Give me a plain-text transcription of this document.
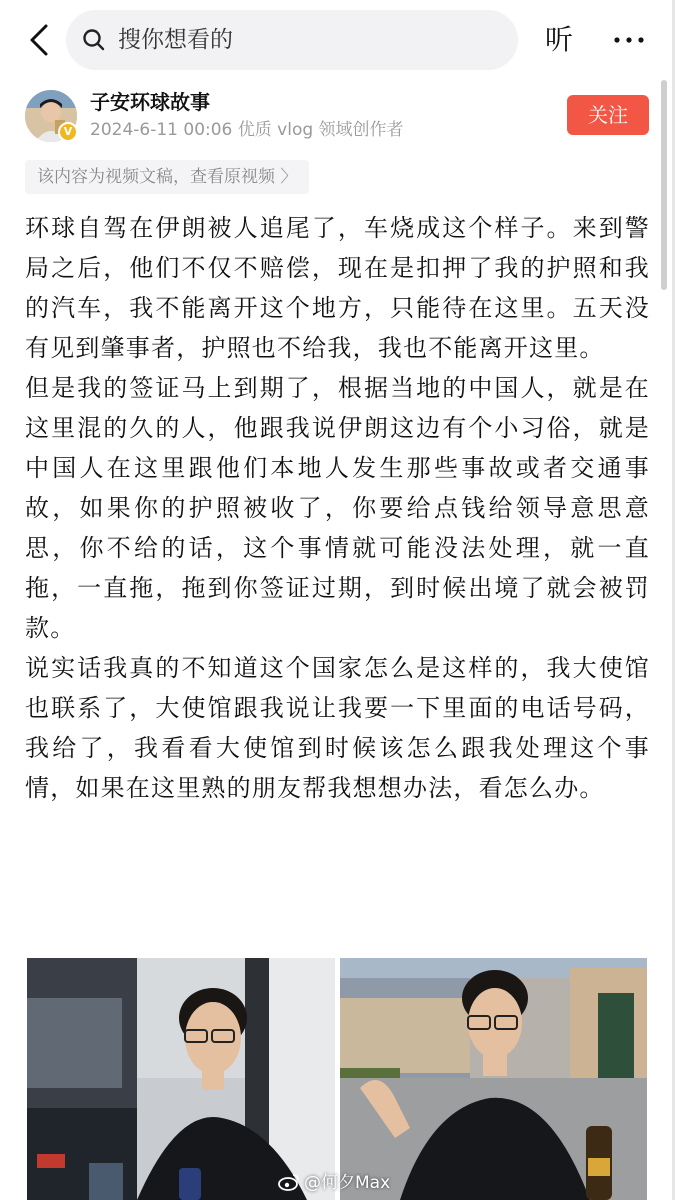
搜你想看的	听
V
子安环球故事
2024-6-11 00:06 优质 vlog 领域创作者
关注
该内容为视频文稿，查看原视频 〉

环球自驾在伊朗被人追尾了，车烧成这个样子。来到警局之后，他们不仅不赔偿，现在是扣押了我的护照和我的汽车，我不能离开这个地方，只能待在这里。五天没有见到肇事者，护照也不给我，我也不能离开这里。

但是我的签证马上到期了，根据当地的中国人，就是在这里混的久的人，他跟我说伊朗这边有个小习俗，就是中国人在这里跟他们本地人发生那些事故或者交通事故，如果你的护照被收了，你要给点钱给领导意思意思，你不给的话，这个事情就可能没法处理，就一直拖，一直拖，拖到你签证过期，到时候出境了就会被罚款。

说实话我真的不知道这个国家怎么是这样的，我大使馆也联系了，大使馆跟我说让我要一下里面的电话号码，我给了，我看看大使馆到时候该怎么跟我处理这个事情，如果在这里熟的朋友帮我想想办法，看怎么办。

@何夕Max
